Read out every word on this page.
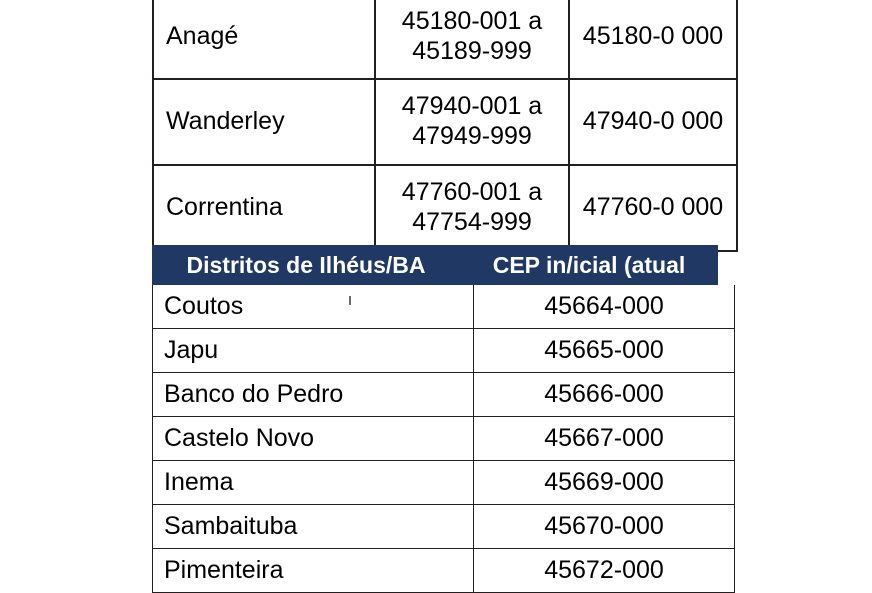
Anagé	45180-001 a 45189-999	45180-0 000
Wanderley	47940-001 a 47949-999	47940-0 000
Correntina	47760-001 a 47754-999	47760-0 000
Distritos de Ilhéus/BA	CEP in/icial (atual
Coutos	45664-000
Japu	45665-000
Banco do Pedro	45666-000
Castelo Novo	45667-000
Inema	45669-000
Sambaituba	45670-000
Pimenteira	45672-000
